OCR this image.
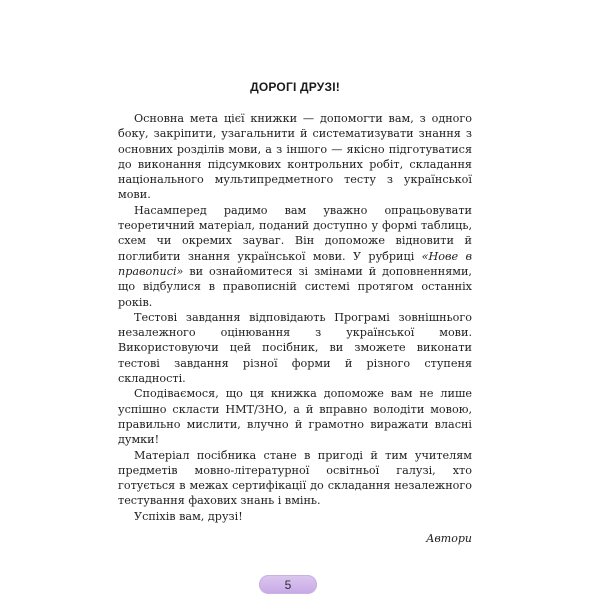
ДОРОГІ ДРУЗІ!

Основна мета цієї книжки — допомогти вам, з одного боку, закріпити, узагальнити й систематизувати знання з основних розділів мови, а з іншого — якісно підготуватися до виконання підсумкових контрольних робіт, складання національного мультипредметного тесту з української мови.

Насамперед радимо вам уважно опрацьовувати теоретичний матеріал, поданий доступно у формі таблиць, схем чи окремих зауваг. Він допоможе відновити й поглибити знання української мови. У рубриці «Нове в правописі» ви ознайомитеся зі змінами й доповненнями, що відбулися в правописній системі протягом останніх років.

Тестові завдання відповідають Програмі зовнішнього незалежного оцінювання з української мови. Використовуючи цей посібник, ви зможете виконати тестові завдання різної форми й різного ступеня складності.

Сподіваємося, що ця книжка допоможе вам не лише успішно скласти НМТ/ЗНО, а й вправно володіти мовою, правильно мислити, влучно й грамотно виражати власні думки!

Матеріал посібника стане в пригоді й тим учителям предметів мовно-літературної освітньої галузі, хто готується в межах сертифікації до складання незалежного тестування фахових знань і вмінь.

Успіхів вам, друзі!

Автори
5
